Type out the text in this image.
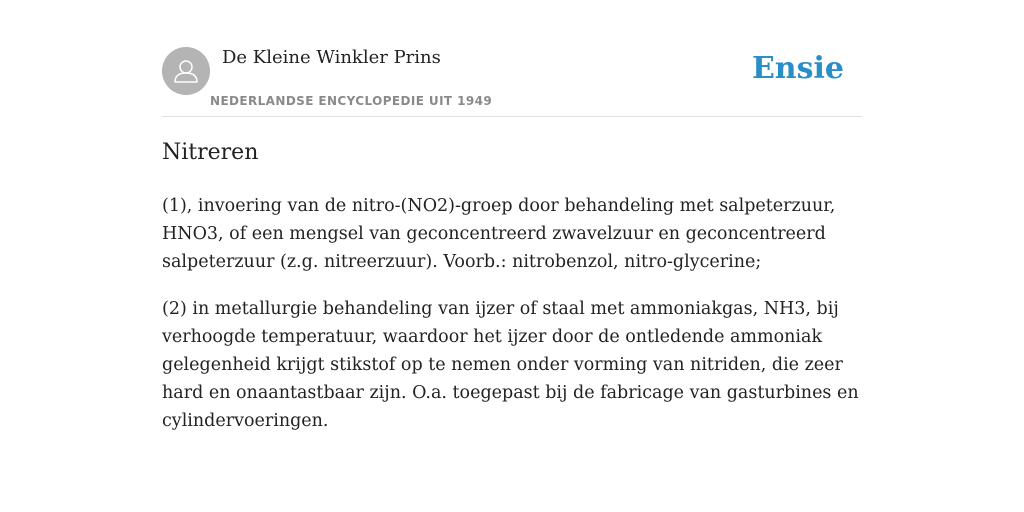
De Kleine Winkler Prins
NEDERLANDSE ENCYCLOPEDIE UIT 1949
Ensie
Nitreren

(1), invoering van de nitro-(NO2)-groep door behandeling met salpeterzuur, HNO3, of een mengsel van geconcentreerd zwavelzuur en geconcentreerd salpeterzuur (z.g. nitreerzuur). Voorb.: nitrobenzol, nitro-glycerine;

(2) in metallurgie behandeling van ijzer of staal met ammoniakgas, NH3, bij verhoogde temperatuur, waardoor het ijzer door de ontledende ammoniak gelegenheid krijgt stikstof op te nemen onder vorming van nitriden, die zeer hard en onaantastbaar zijn. O.a. toegepast bij de fabricage van gasturbines en cylindervoeringen.
